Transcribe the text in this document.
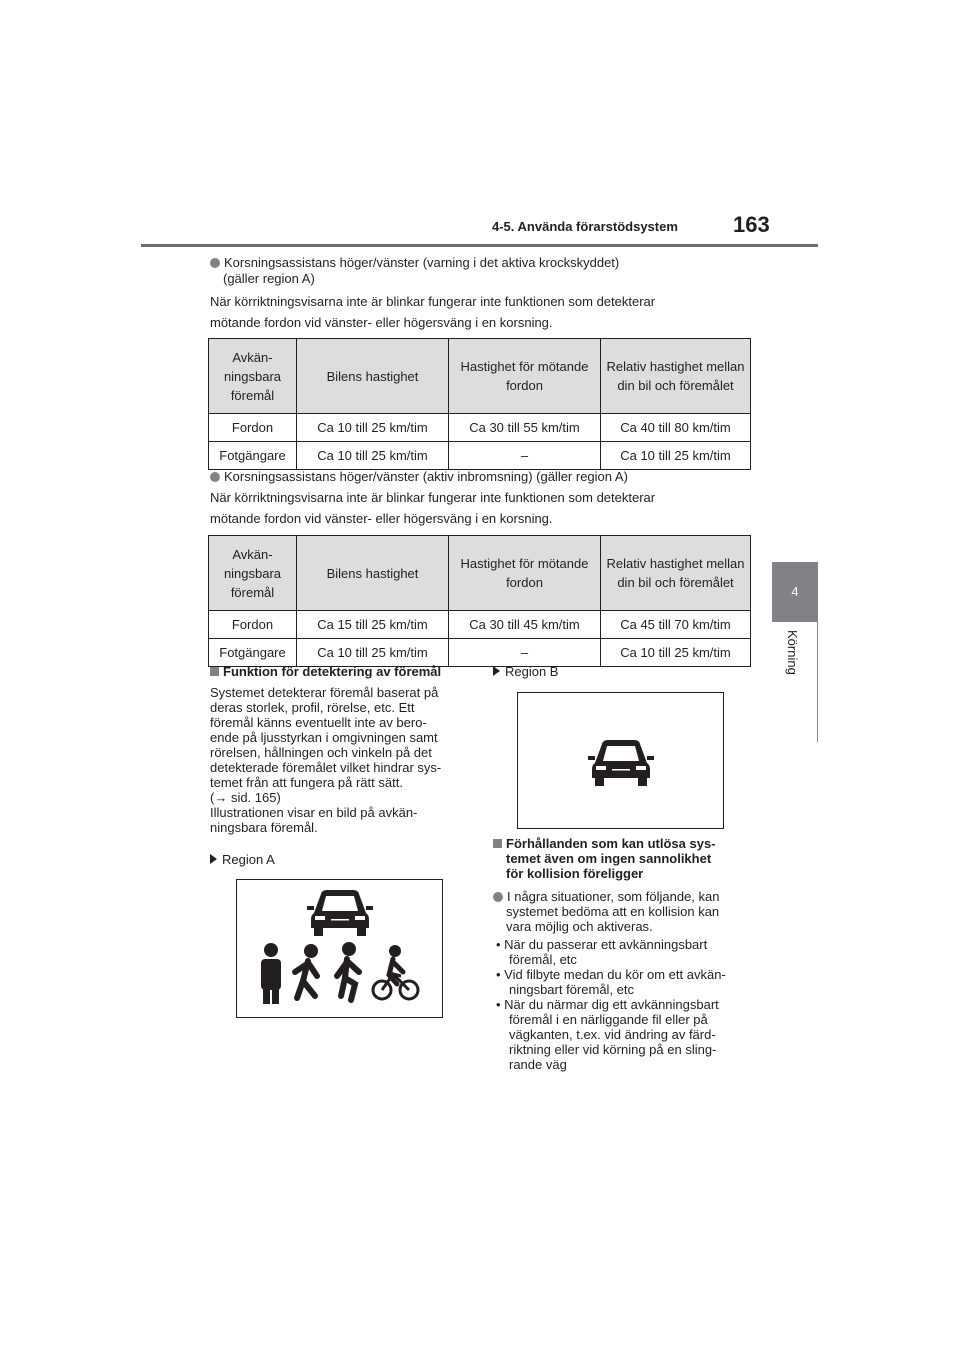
4-5. Använda förarstödsystem	163
4
Körning
Korsningsassistans höger/vänster (varning i det aktiva krockskyddet)
(gäller region A)
När körriktningsvisarna inte är blinkar fungerar inte funktionen som detekterar
mötande fordon vid vänster- eller högersväng i en korsning.
Avkän-ningsbara föremål	Bilens hastighet	Hastighet för mötande fordon	Relativ hastighet mellan din bil och föremålet
Fordon	Ca 10 till 25 km/tim	Ca 30 till 55 km/tim	Ca 40 till 80 km/tim
Fotgängare	Ca 10 till 25 km/tim	–	Ca 10 till 25 km/tim
Korsningsassistans höger/vänster (aktiv inbromsning) (gäller region A)
När körriktningsvisarna inte är blinkar fungerar inte funktionen som detekterar
mötande fordon vid vänster- eller högersväng i en korsning.
Avkän-ningsbara föremål	Bilens hastighet	Hastighet för mötande fordon	Relativ hastighet mellan din bil och föremålet
Fordon	Ca 15 till 25 km/tim	Ca 30 till 45 km/tim	Ca 45 till 70 km/tim
Fotgängare	Ca 10 till 25 km/tim	–	Ca 10 till 25 km/tim
Funktion för detektering av föremål
Systemet detekterar föremål baserat på
deras storlek, profil, rörelse, etc. Ett
föremål känns eventuellt inte av bero-
ende på ljusstyrkan i omgivningen samt
rörelsen, hållningen och vinkeln på det
detekterade föremålet vilket hindrar sys-
temet från att fungera på rätt sätt.
(→ sid. 165)
Illustrationen visar en bild på avkän-
ningsbara föremål.
Region A
Region B
Förhållanden som kan utlösa sys-
temet även om ingen sannolikhet
för kollision föreligger
I några situationer, som följande, kan
systemet bedöma att en kollision kan
vara möjlig och aktiveras.
• När du passerar ett avkänningsbart
föremål, etc
• Vid filbyte medan du kör om ett avkän-
ningsbart föremål, etc
• När du närmar dig ett avkänningsbart
föremål i en närliggande fil eller på
vägkanten, t.ex. vid ändring av färd-
riktning eller vid körning på en sling-
rande väg
